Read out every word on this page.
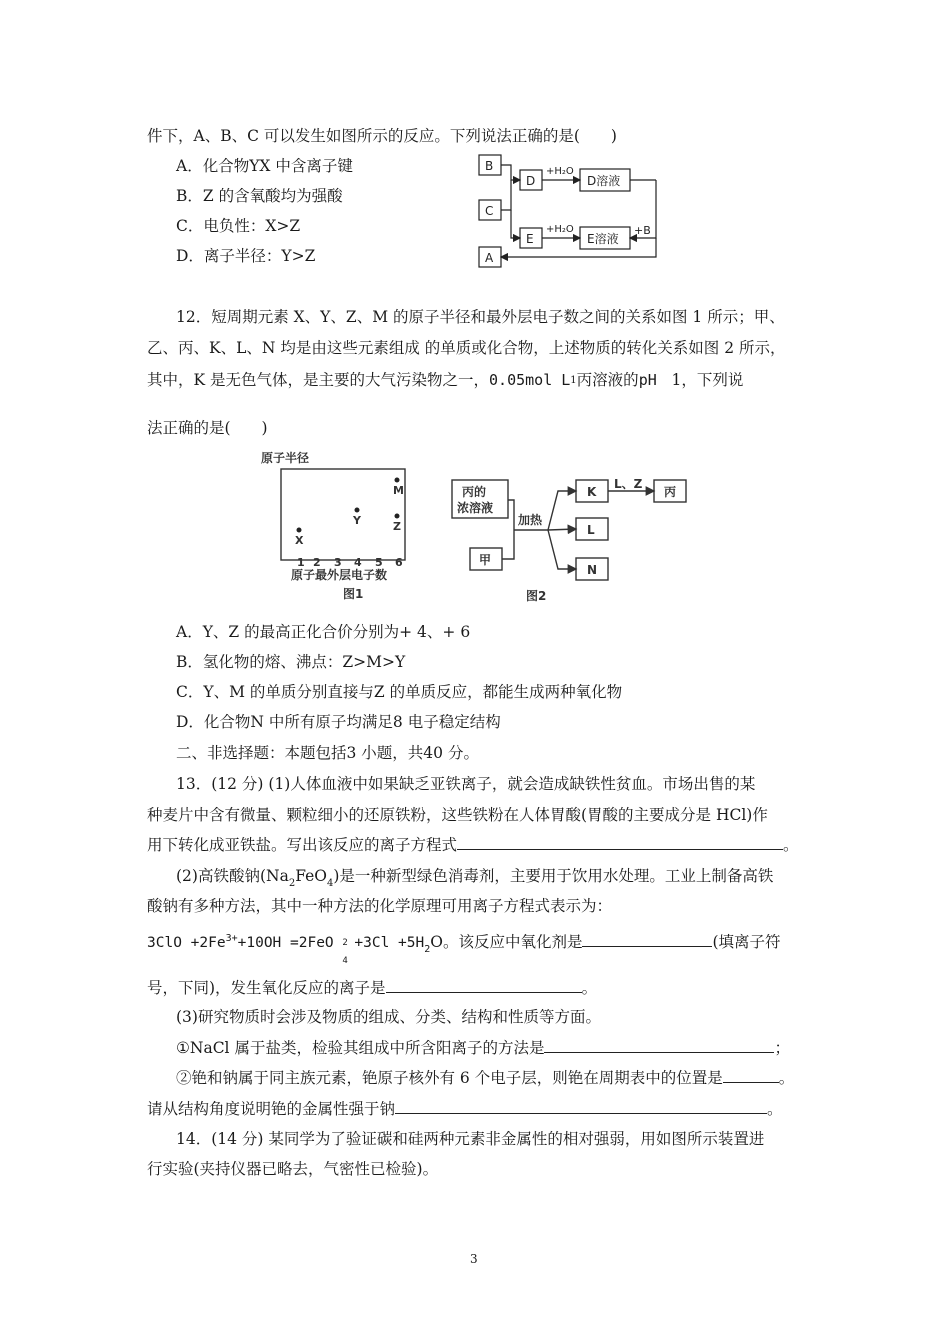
件下，A、B、C 可以发生如图所示的反应。下列说法正确的是(　　)
A．化合物YX 中含离子键
B．Z 的含氧酸均为强酸
C．电负性：X>Z
D．离子半径：Y>Z
B
C
A
D
E
+H₂O
+H₂O
D溶液
E溶液
+B
12．短周期元素 X、Y、Z、M 的原子半径和最外层电子数之间的关系如图 1 所示；甲、
乙、丙、K、L、N 均是由这些元素组成 的单质或化合物，上述物质的转化关系如图 2 所示，
其中，K 是无色气体，是主要的大气污染物之一，0.05mol L1丙溶液的pH 1，下列说
法正确的是(　　)
原子半径
原子最外层电子数
图1
1 2 3 4 5 6
X
Y
M
Z
丙的
浓溶液
甲
加热
K
L
N
L、Z
丙
图2
A．Y、Z 的最高正化合价分别为+ 4、+ 6
B．氢化物的熔、沸点：Z>M>Y
C．Y、M 的单质分别直接与Z 的单质反应，都能生成两种氧化物
D．化合物N 中所有原子均满足8 电子稳定结构
二、非选择题：本题包括3 小题，共40 分。
13．(12 分) (1)人体血液中如果缺乏亚铁离子，就会造成缺铁性贫血。市场出售的某
种麦片中含有微量、颗粒细小的还原铁粉，这些铁粉在人体胃酸(胃酸的主要成分是 HCl)作
用下转化成亚铁盐。写出该反应的离子方程式	。
(2)高铁酸钠$(Na_2FeO_4)$是一种新型绿色消毒剂，主要用于饮用水处理。工业上制备高铁
酸钠有多种方法，其中一种方法的化学原理可用离子方程式表示为：
$3ClO +2Fe^{3+}+10OH =2FeO$ 2
4
$+3Cl +5H_2O$。该反应中氧化剂是	(填离子符
号，下同)，发生氧化反应的离子是	。
(3)研究物质时会涉及物质的组成、分类、结构和性质等方面。
①NaCl 属于盐类，检验其组成中所含阳离子的方法是	；
②铯和钠属于同主族元素，铯原子核外有 6 个电子层，则铯在周期表中的位置是	。
请从结构角度说明铯的金属性强于钠	。
14．(14 分) 某同学为了验证碳和硅两种元素非金属性的相对强弱，用如图所示装置进
行实验(夹持仪器已略去，气密性已检验)。
3
